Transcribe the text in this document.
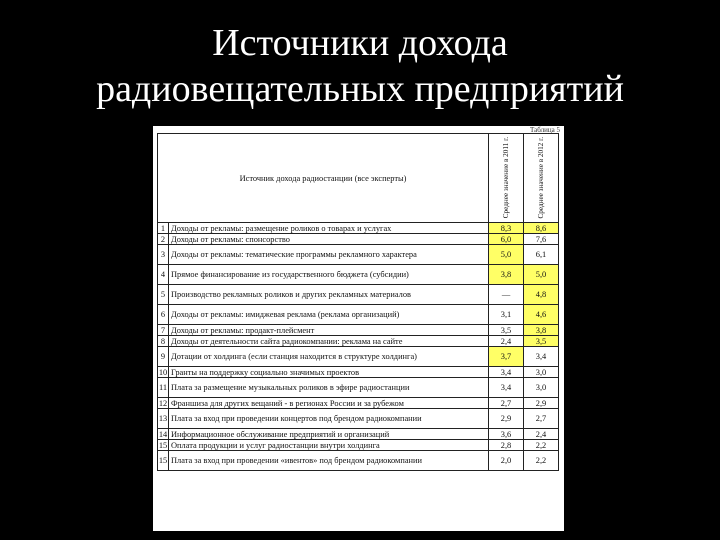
Источники дохода
радиовещательных предприятий
Таблица 5
Источник дохода радиостанции (все эксперты)		Среднее значение в 2011 г.	Среднее значение в 2012 г.

1	Доходы от рекламы: размещение роликов о товарах и услугах	8,3	8,6
2	Доходы от рекламы: спонсорство	6,0	7,6
3	Доходы от рекламы: тематические программы рекламного характера	5,0	6,1
4	Прямое финансирование из государственного бюджета (субсидии)	3,8	5,0
5	Производство рекламных роликов и других рекламных материалов	—	4,8
6	Доходы от рекламы: имиджевая реклама (реклама организаций)	3,1	4,6
7	Доходы от рекламы: продакт-плейсмент	3,5	3,8
8	Доходы от деятельности сайта радиокомпании: реклама на сайте	2,4	3,5
9	Дотации от холдинга (если станция находится в структуре холдинга)	3,7	3,4
10	Гранты на поддержку социально значимых проектов	3,4	3,0
11	Плата за размещение музыкальных роликов в эфире радиостанции	3,4	3,0
12	Франшиза для других вещаний - в регионах России и за рубежом	2,7	2,9
13	Плата за вход при проведении концертов под брендом радиокомпании	2,9	2,7
14	Информационное обслуживание предприятий и организаций	3,6	2,4
15	Оплата продукции и услуг радиостанции внутри холдинга	2,8	2,2
15	Плата за вход при проведении «ивентов» под брендом радиокомпании	2,0	2,2
